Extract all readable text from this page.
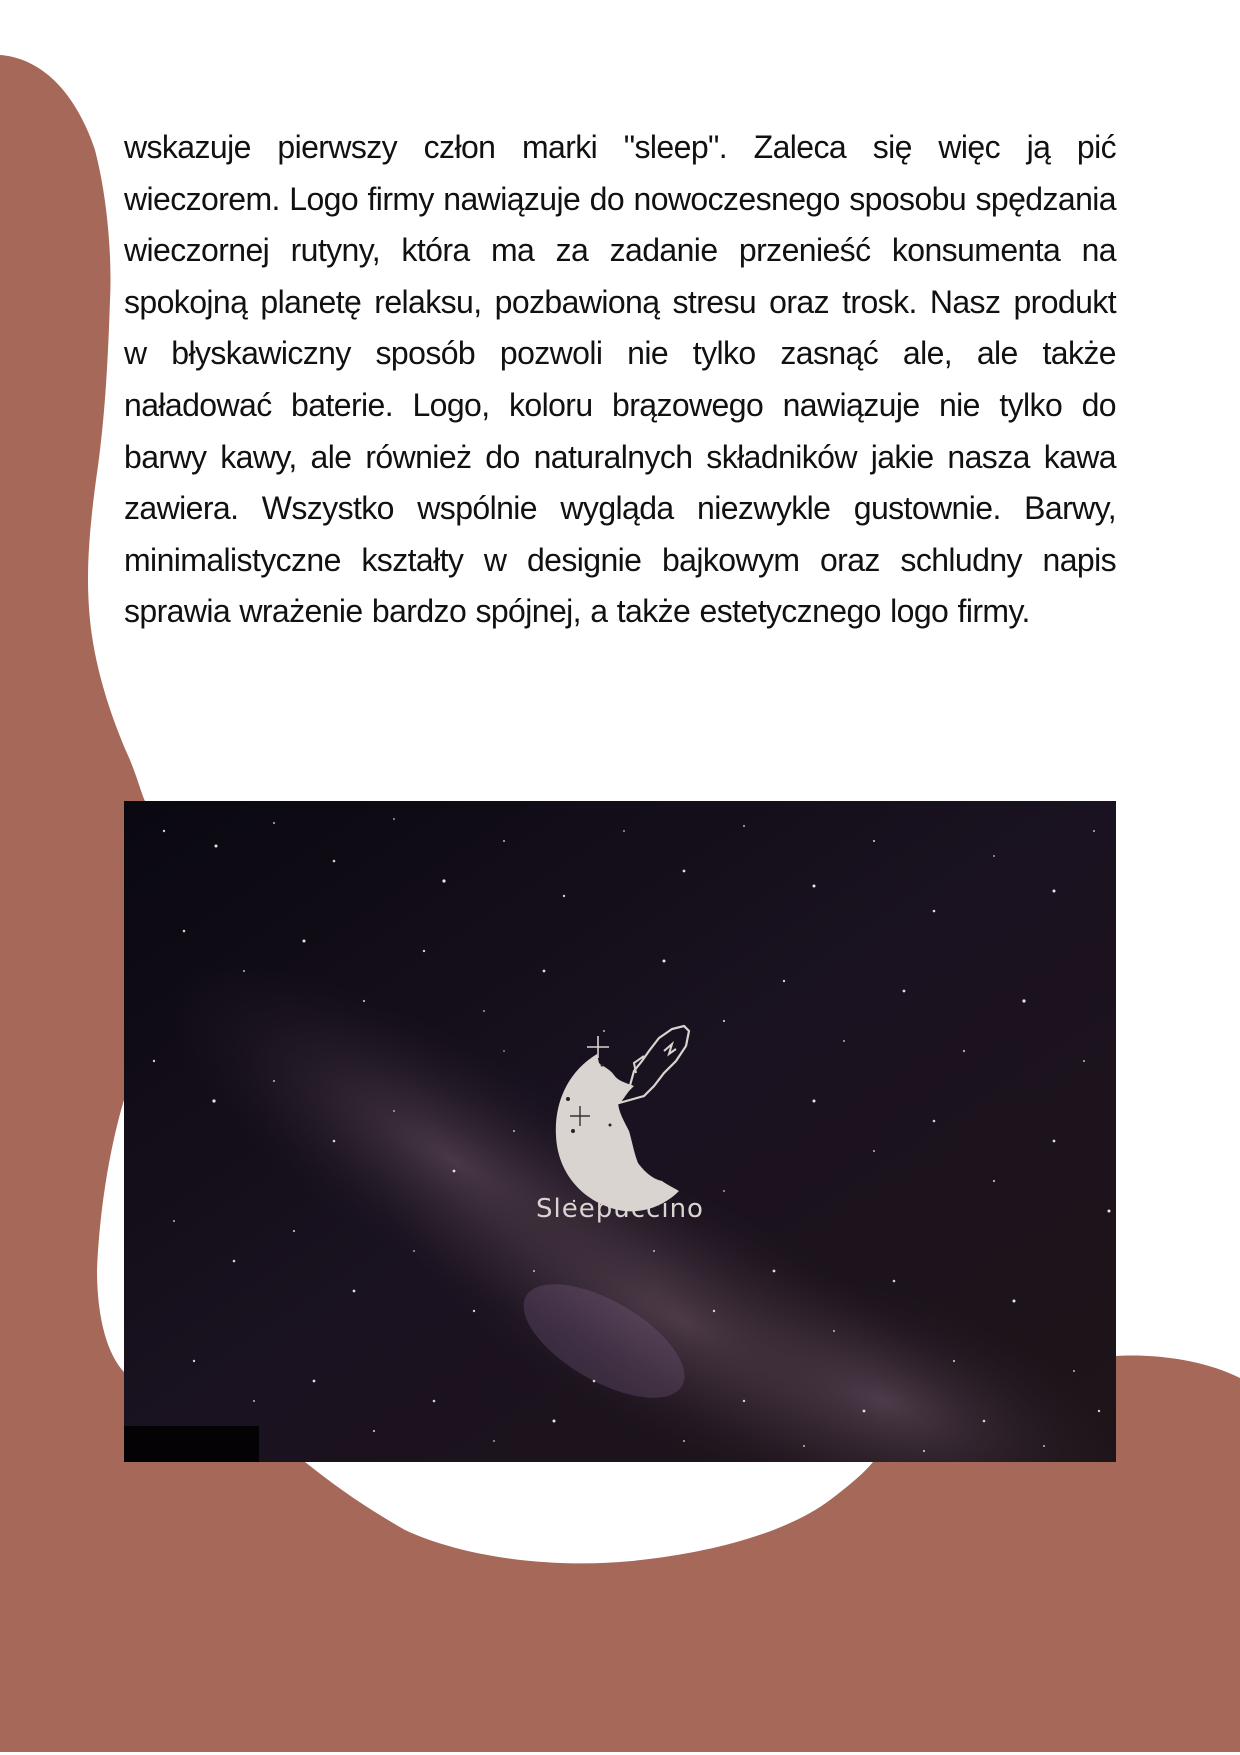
wskazuje pierwszy człon marki "sleep". Zaleca się więc ją pić wieczorem. Logo firmy nawiązuje do nowoczesnego sposobu spędzania wieczornej rutyny, która ma za zadanie przenieść konsumenta na spokojną planetę relaksu, pozbawioną stresu oraz trosk. Nasz produkt w błyskawiczny sposób pozwoli nie tylko zasnąć ale, ale także naładować baterie. Logo, koloru brązowego nawiązuje nie tylko do barwy kawy, ale również do naturalnych składników jakie nasza kawa zawiera. Wszystko wspólnie wygląda niezwykle gustownie. Barwy, minimalistyczne kształty w designie bajkowym oraz schludny napis sprawia wrażenie bardzo spójnej, a także estetycznego logo firmy.
Sleepuccino
